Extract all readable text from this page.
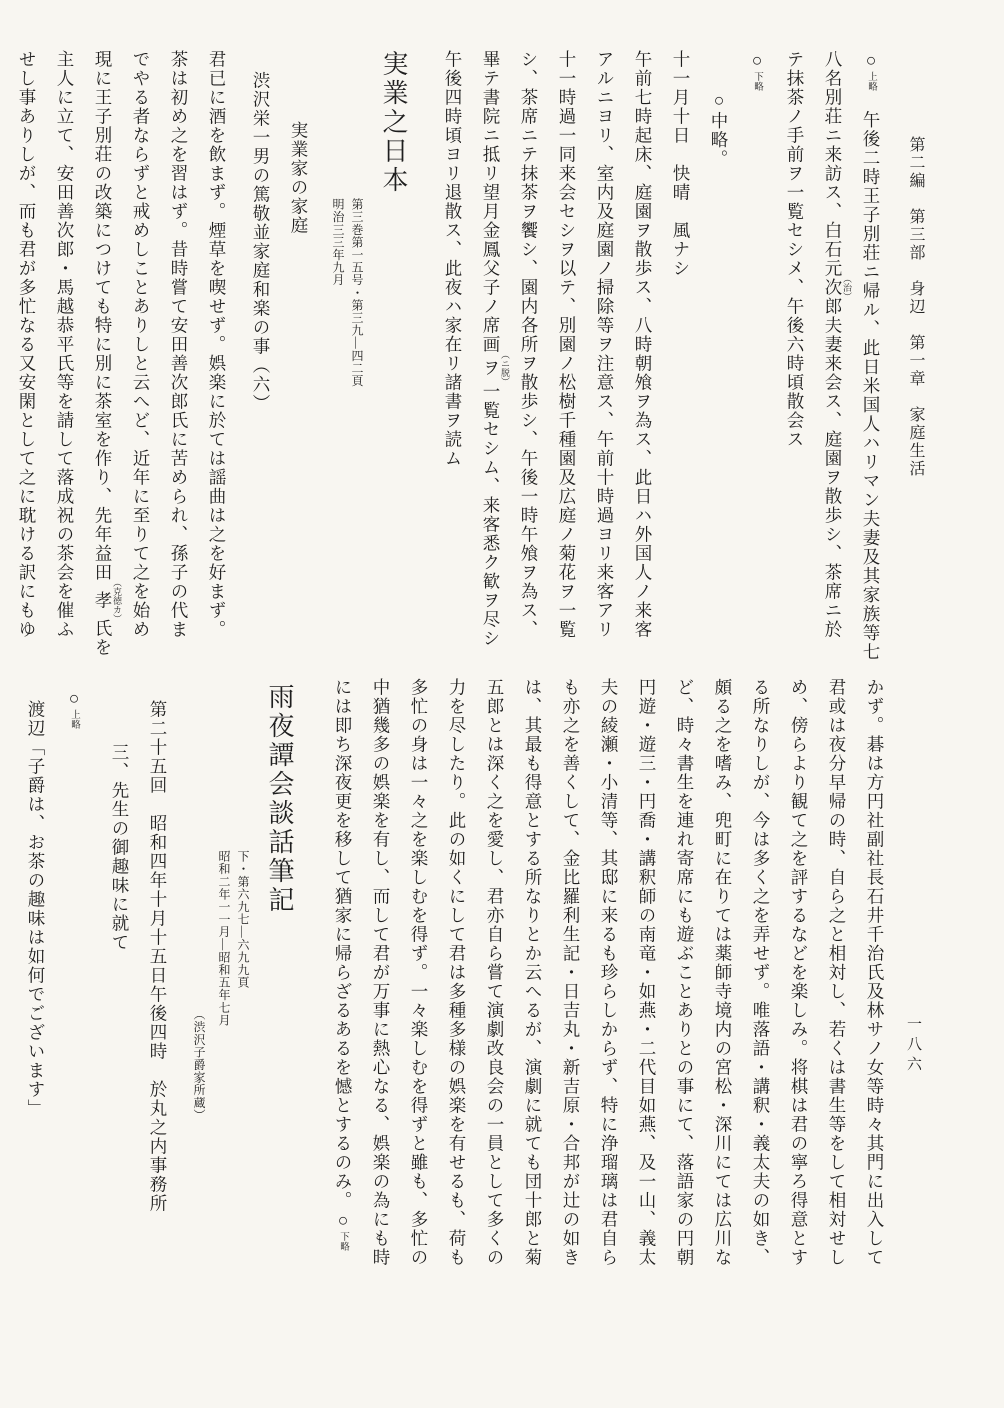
第二編　第三部　身辺　第一章　家庭生活
一八六
○上略　午後二時王子別荘ニ帰ル、此日米国人ハリマン夫妻及其家族等七
八名別荘ニ来訪ス、白石元次 （治）郎夫妻来会ス、庭園ヲ散歩シ、茶席ニ於
テ抹茶ノ手前ヲ一覧セシメ、午後六時頃散会ス
○下略
○中略。
十一月十日　快晴　風ナシ
午前七時起床、庭園ヲ散歩ス、八時朝飧ヲ為ス、此日ハ外国人ノ来客
アルニヨリ、室内及庭園ノ掃除等ヲ注意ス、午前十時過ヨリ来客アリ
十一時過一同来会セシヲ以テ、別園ノ松樹千種園及広庭ノ菊花ヲ一覧
シ、茶席ニテ抹茶ヲ饗シ、園内各所ヲ散歩シ、午後一時午飧ヲ為ス、
畢テ書院ニ抵リ望月金鳳父子ノ席画ヲ （ニ脱）一覧セシム、来客悉ク歓ヲ尽シ
午後四時頃ヨリ退散ス、此夜ハ家在リ諸書ヲ読ム
実業之日本
第三巻第一五号・第三九―四二頁
明治三三年九月
実業家の家庭
渋沢栄一男の篤敬並家庭和楽の事（六）
君已に酒を飲まず。煙草を喫せず。娯楽に於ては謡曲は之を好まず。
茶は初め之を習はず。昔時嘗て安田善次郎氏に苦められ、孫子の代ま
でやる者ならずと戒めしことありしと云へど、近年に至りて之を始め
現に王子別荘の改築につけても特に別に茶室を作り、先年益田孝 （克徳カ）氏を
主人に立て、安田善次郎・馬越恭平氏等を請して落成祝の茶会を催ふ
せし事ありしが、而も君が多忙なる又安閑として之に耽ける訳にもゆ
かず。碁は方円社副社長石井千治氏及林サノ女等時々其門に出入して
君或は夜分早帰の時、自ら之と相対し、若くは書生等をして相対せし
め、傍らより観て之を評するなどを楽しみ。将棋は君の寧ろ得意とす
る所なりしが、今は多く之を弄せず。唯落語・講釈・義太夫の如き、
頗る之を嗜み、兜町に在りては薬師寺境内の宮松・深川にては広川な
ど、時々書生を連れ寄席にも遊ぶことありとの事にて、落語家の円朝
円遊・遊三・円喬・講釈師の南竜・如燕・二代目如燕、及一山、義太
夫の綾瀬・小清等、其邸に来るも珍らしからず、特に浄瑠璃は君自ら
も亦之を善くして、金比羅利生記・日吉丸・新吉原・合邦が辻の如き
は、其最も得意とする所なりとか云へるが、演劇に就ても団十郎と菊
五郎とは深く之を愛し、君亦自ら嘗て演劇改良会の一員として多くの
力を尽したり。此の如くにして君は多種多様の娯楽を有せるも、荷も
多忙の身は一々之を楽しむを得ず。一々楽しむを得ずと雖も、多忙の
中猶幾多の娯楽を有し、而して君が万事に熱心なる、娯楽の為にも時
には即ち深夜更を移して猶家に帰らざるあるを憾とするのみ。○下略
雨夜譚会談話筆記
下・第六九七―六九九頁
昭和二年一一月―昭和五年七月
（渋沢子爵家所蔵）
第二十五回　昭和四年十月十五日午後四時　於丸之内事務所
三、先生の御趣味に就て
○上略
渡辺「子爵は、お茶の趣味は如何でございます」
